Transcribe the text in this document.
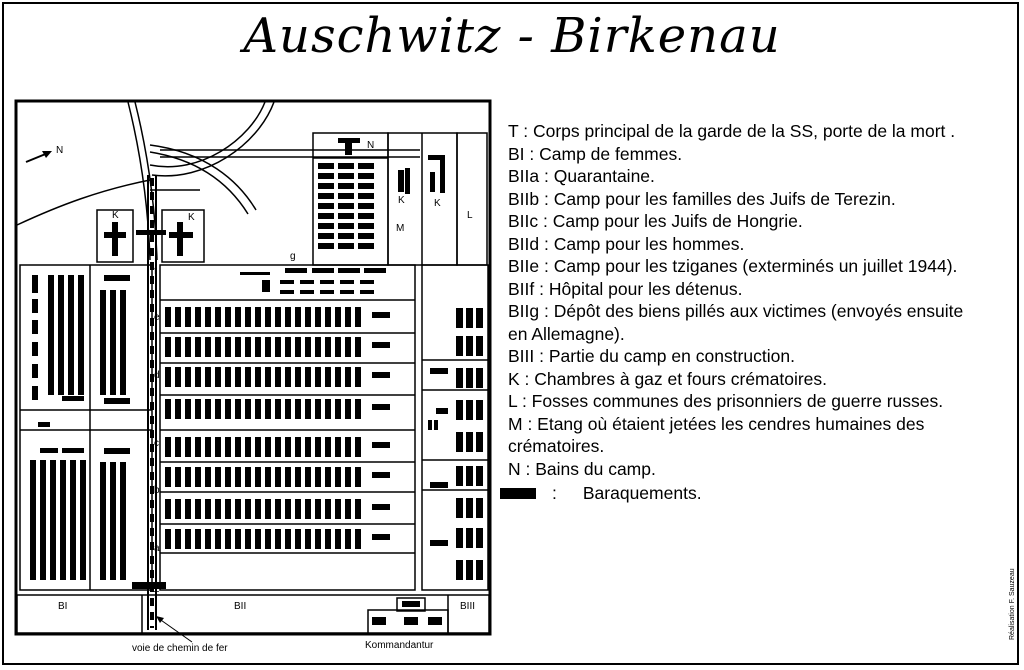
Auschwitz - Birkenau
N
K	K
K	K
N
M
L
g
f
e
d
c
b
a
T
BI	BII	BIII
voie de chemin de fer	Kommandantur
T : Corps principal de la garde de la SS, porte de la mort .
BI : Camp de femmes.
BIIa : Quarantaine.
BIIb : Camp pour les familles des Juifs de Terezin.
BIIc : Camp pour les Juifs de Hongrie.
BIId : Camp pour les hommes.
BIIe : Camp pour les tziganes (exterminés un juillet 1944).
BIIf : Hôpital pour les détenus.
BIIg : Dépôt des biens pillés aux victimes (envoyés ensuite en Allemagne).
BIII : Partie du camp en construction.
K : Chambres à gaz et fours crématoires.
L : Fosses communes des prisonniers de guerre russes.
M : Etang où étaient jetées les cendres humaines des crématoires.
N : Bains du camp.
: Baraquements.
Réalisation F. Sauzeau
